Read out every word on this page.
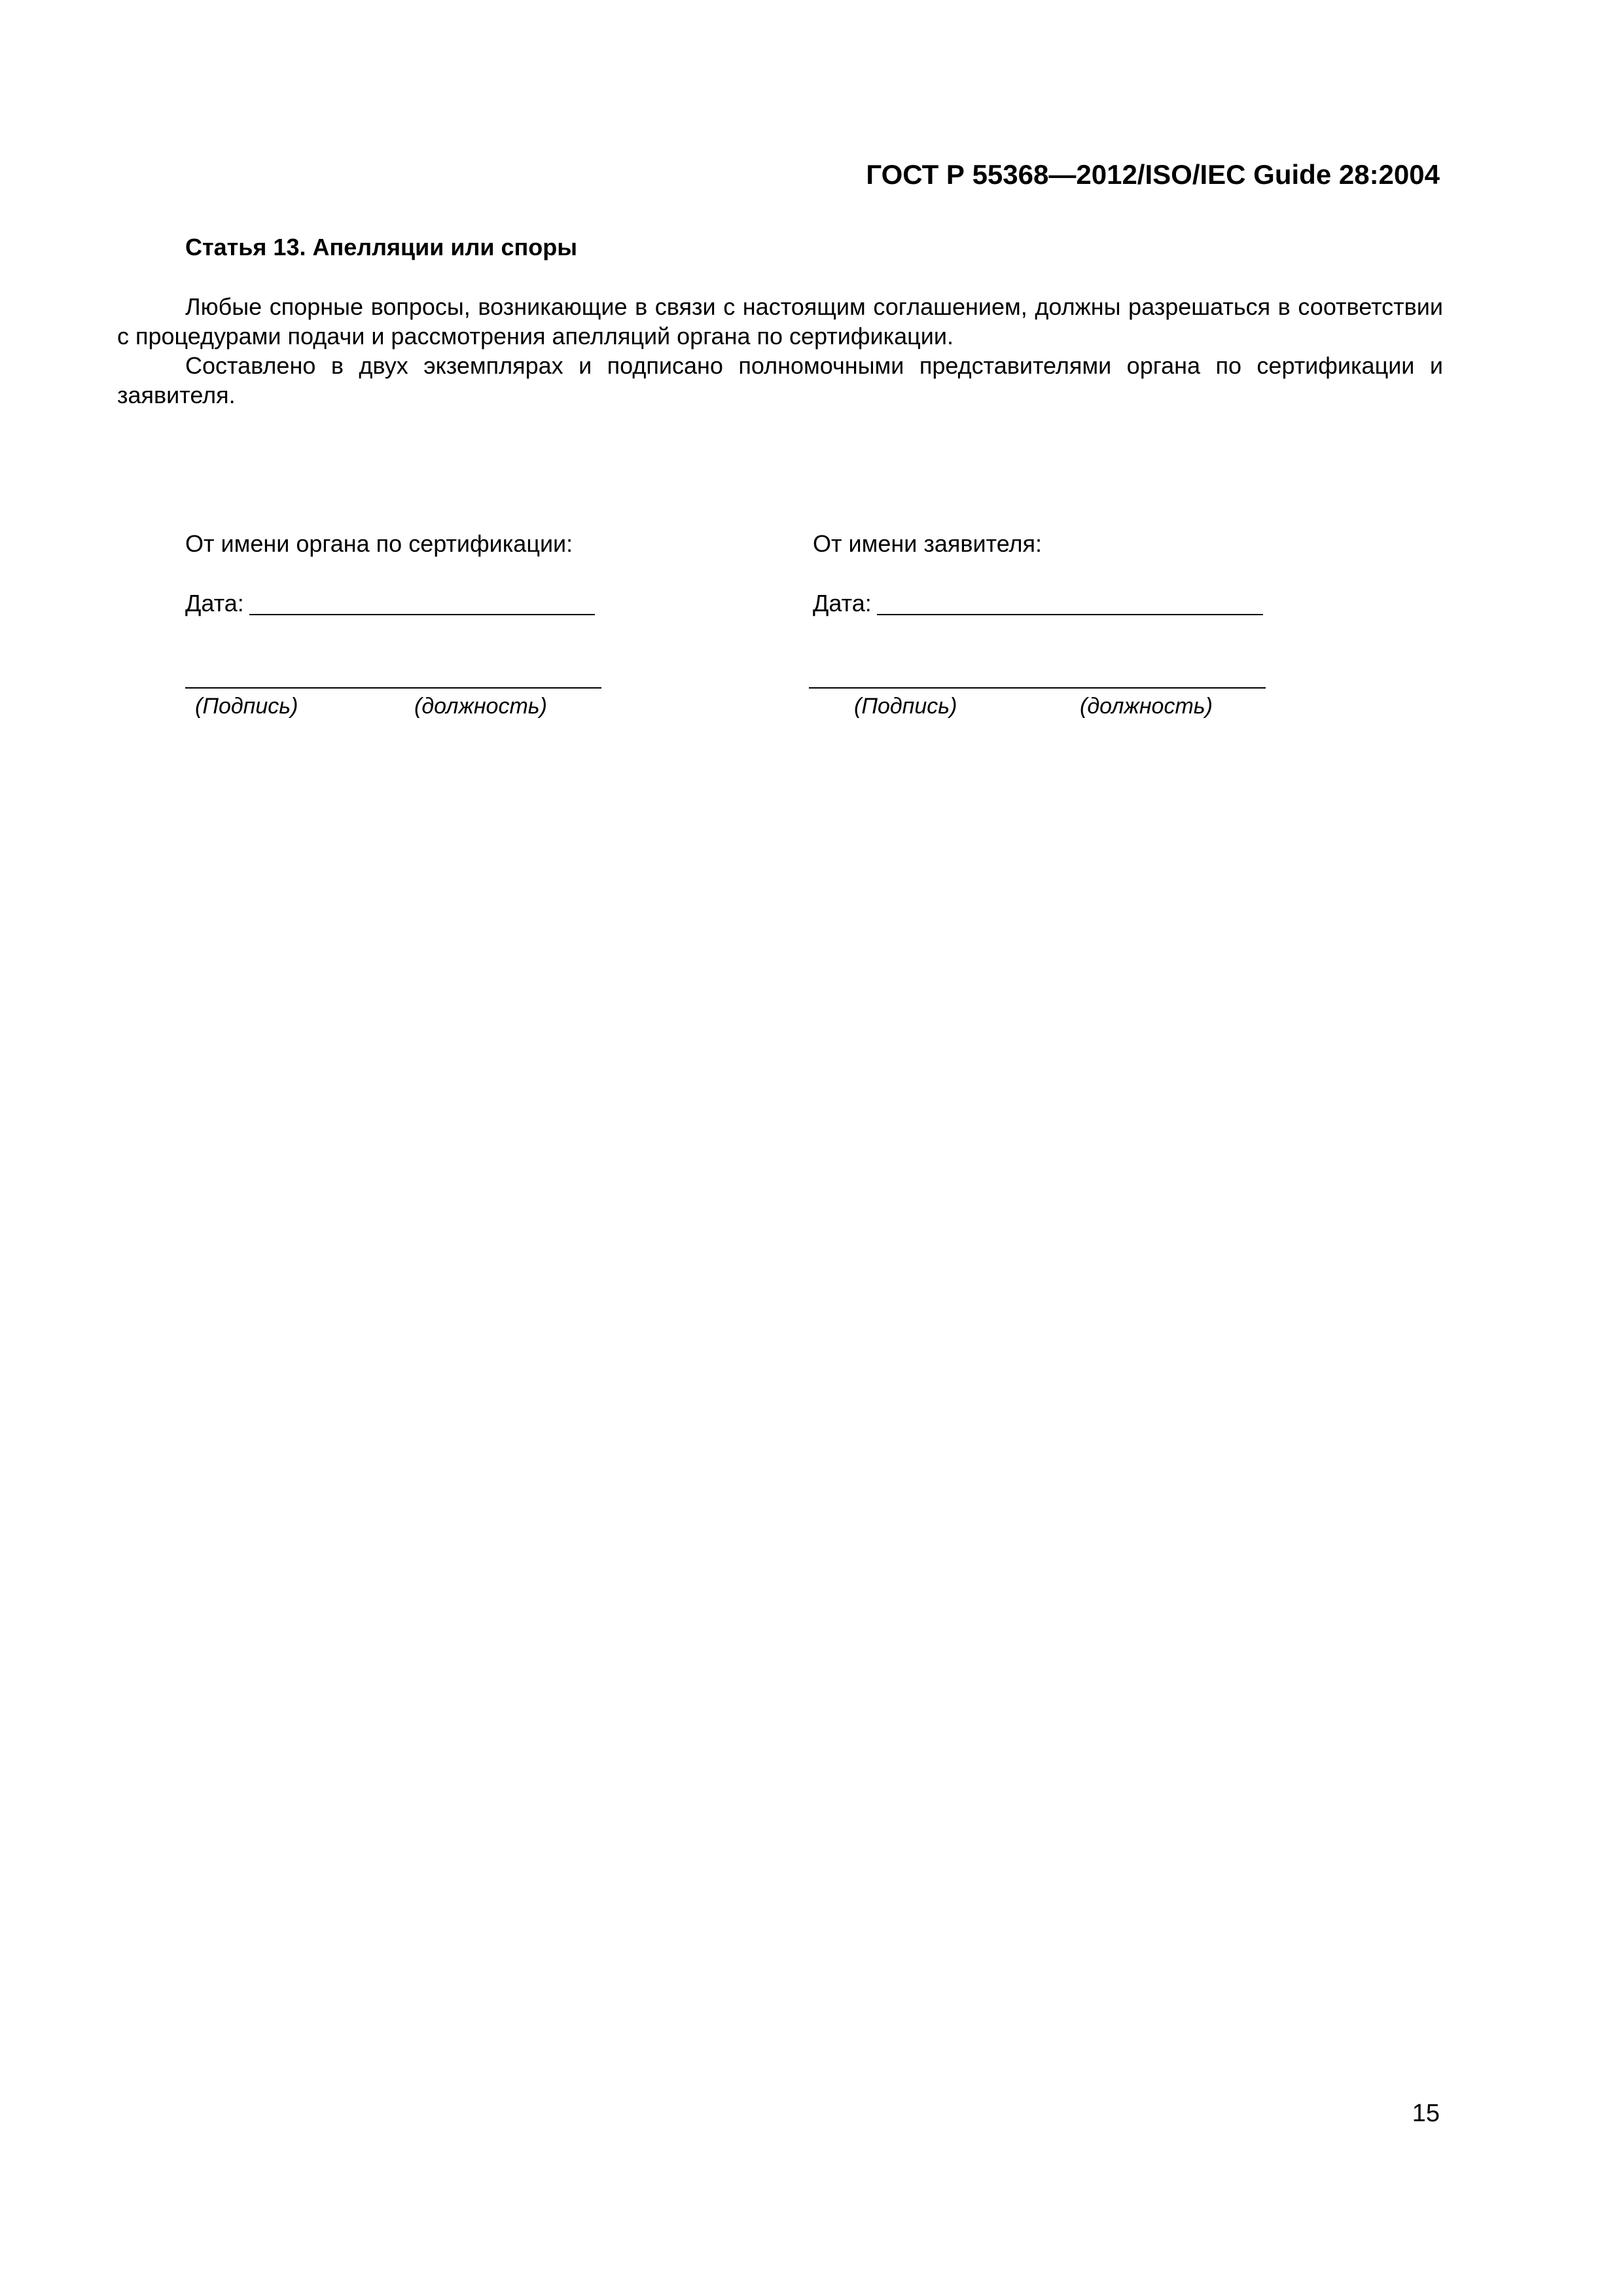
ГОСТ Р 55368—2012/ISO/IEC Guide 28:2004
Статья 13. Апелляции или споры

Любые спорные вопросы, возникающие в связи с настоящим соглашением, должны разрешаться в соответствии с процедурами подачи и рассмотрения апелляций органа по сертификации.

Составлено в двух экземплярах и подписано полномочными представителями органа по сертификации и заявителя.

От имени органа по сертификации:
Дата:
(Подпись)	(должность)
От имени заявителя:
Дата:
(Подпись)	(должность)
15
